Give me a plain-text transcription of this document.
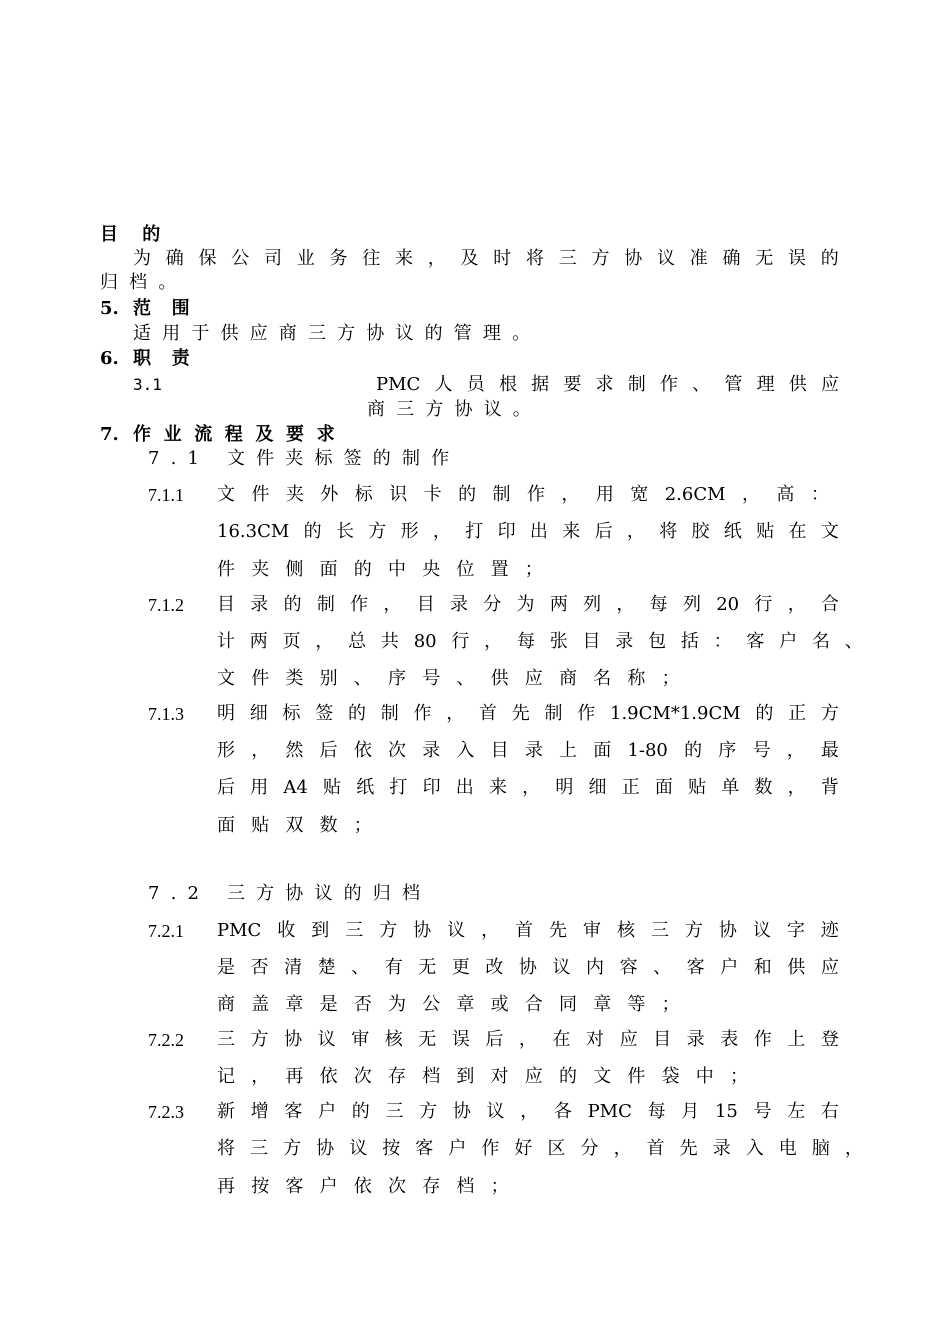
目 的
为 确 保 公 司 业 务 往 来 ， 及 时 将 三 方 协 议 准 确 无 误 的
归档。
5. 范 围
适用于供应商三方协议的管理。
6. 职 责
3.1	PMC 人 员 根 据 要 求 制 作 、 管 理 供 应
商三方协议。
7. 作业流程及要求
7.1 文件夹标签的制作
7.1.1 文 件 夹 外 标 识 卡 的 制 作 ， 用 宽 2.6CM ， 高 ：
16.3CM 的 长 方 形 ， 打 印 出 来 后 ， 将 胶 纸 贴 在 文
件夹侧面的中央位置；
7.1.2 目 录 的 制 作 ， 目 录 分 为 两 列 ， 每 列 20 行 ， 合
计 两 页 ， 总 共 80 行 ， 每 张 目 录 包 括 ： 客 户 名 、
文件类别、序号、供应商名称；
7.1.3 明 细 标 签 的 制 作 ， 首 先 制 作 1.9CM*1.9CM 的 正 方
形 ， 然 后 依 次 录 入 目 录 上 面 1-80 的 序 号 ， 最
后 用 A4 贴 纸 打 印 出 来 ， 明 细 正 面 贴 单 数 ， 背
面贴双数；
7.2 三方协议的归档
7.2.1 PMC 收 到 三 方 协 议 ， 首 先 审 核 三 方 协 议 字 迹
是 否 清 楚 、 有 无 更 改 协 议 内 容 、 客 户 和 供 应
商盖章是否为公章或合同章等；
7.2.2 三 方 协 议 审 核 无 误 后 ， 在 对 应 目 录 表 作 上 登
记，再依次存档到对应的文件袋中；
7.2.3 新 增 客 户 的 三 方 协 议 ， 各 PMC 每 月 15 号 左 右
将 三 方 协 议 按 客 户 作 好 区 分 ， 首 先 录 入 电 脑 ，
再按客户依次存档；
